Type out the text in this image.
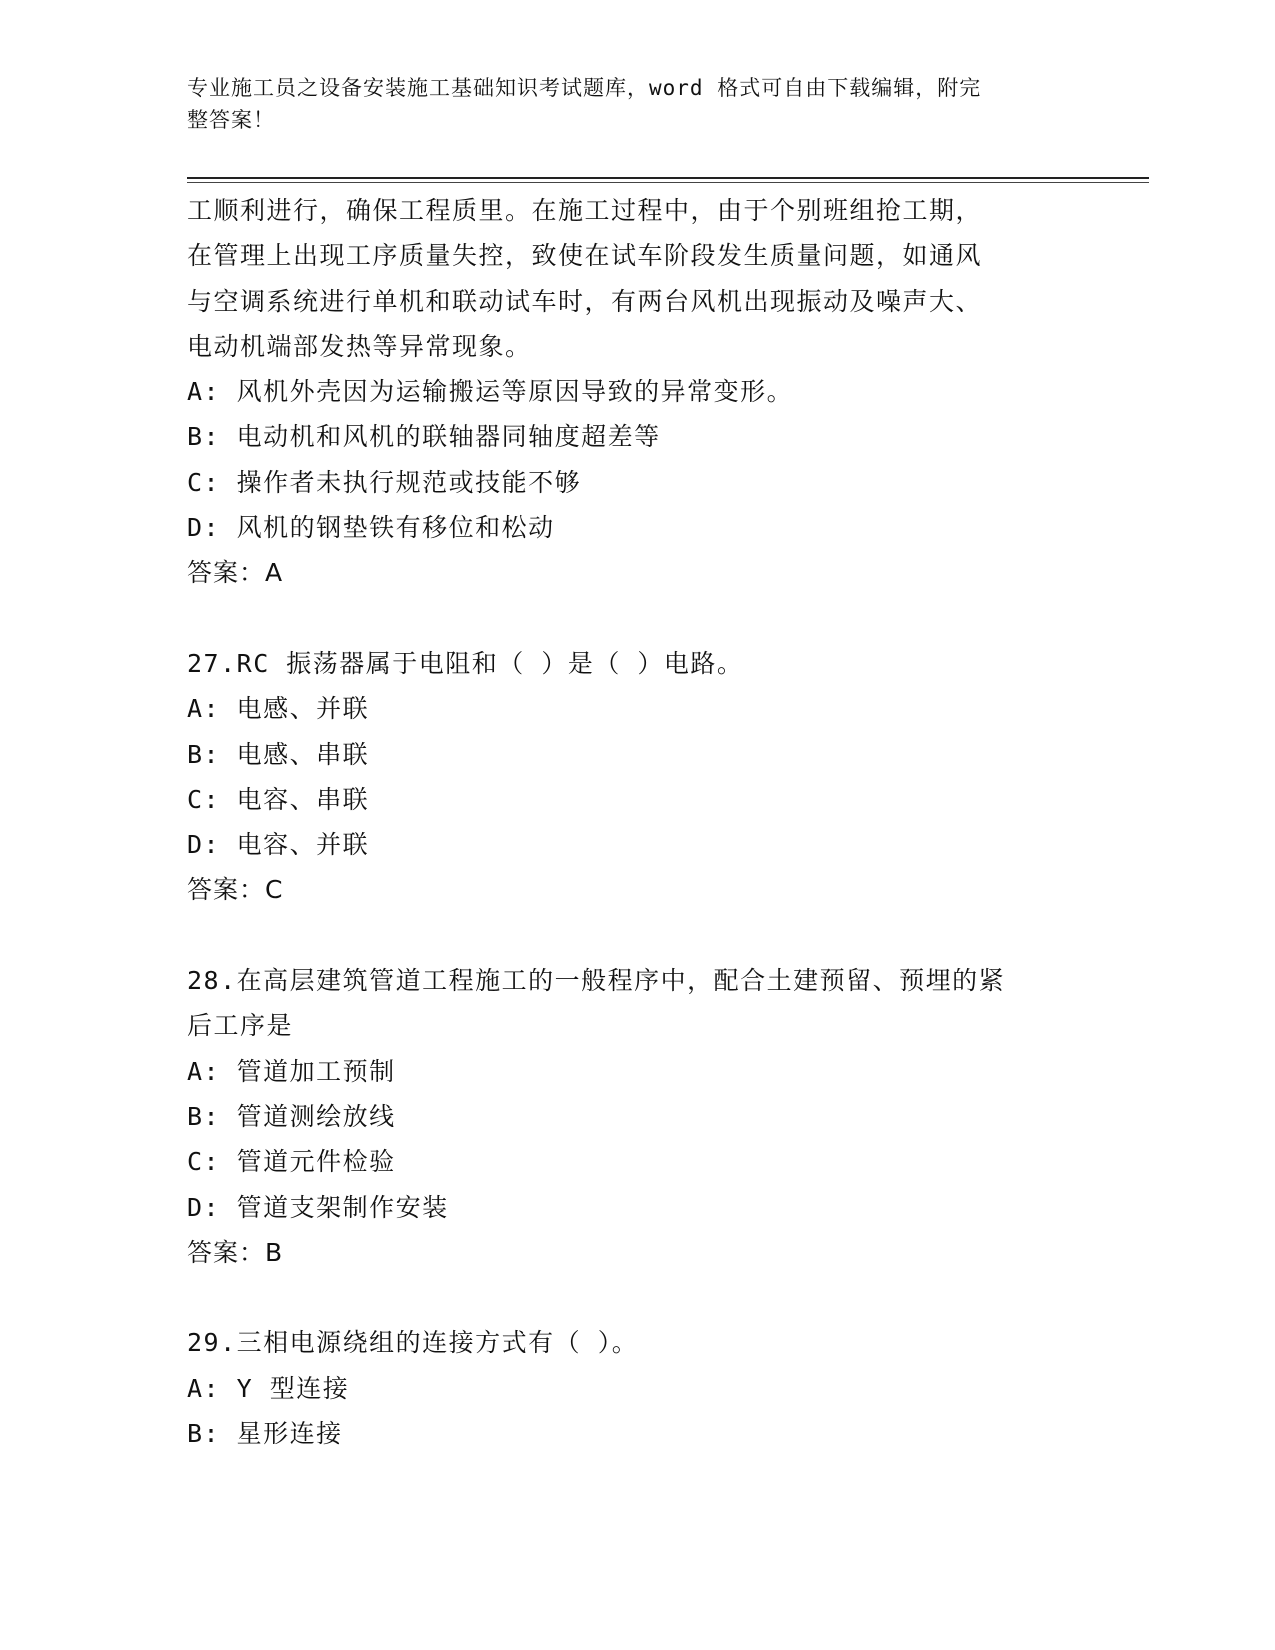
专业施工员之设备安装施工基础知识考试题库，word 格式可自由下载编辑，附完
整答案！
工顺利进行，确保工程质里。在施工过程中，由于个别班组抢工期，
在管理上出现工序质量失控，致使在试车阶段发生质量问题，如通风
与空调系统进行单机和联动试车时，有两台风机出现振动及噪声大、
电动机端部发热等异常现象。
A: 风机外壳因为运输搬运等原因导致的异常变形。
B: 电动机和风机的联轴器同轴度超差等
C: 操作者未执行规范或技能不够
D: 风机的钢垫铁有移位和松动
答案：A
27.RC 振荡器属于电阻和（ ）是（ ）电路。
A: 电感、并联
B: 电感、串联
C: 电容、串联
D: 电容、并联
答案：C
28.在高层建筑管道工程施工的一般程序中，配合土建预留、预埋的紧
后工序是
A: 管道加工预制
B: 管道测绘放线
C: 管道元件检验
D: 管道支架制作安装
答案：B
29.三相电源绕组的连接方式有（ ）。
A: Y 型连接
B: 星形连接
